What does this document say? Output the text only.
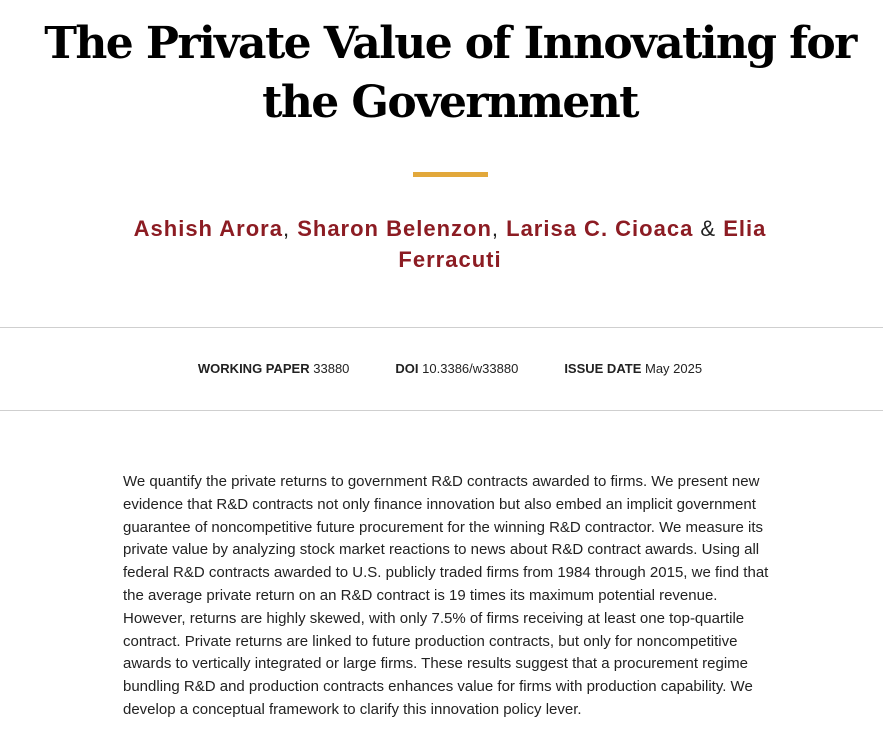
The Private Value of Innovating for the Government
Ashish Arora, Sharon Belenzon, Larisa C. Cioaca & Elia Ferracuti
WORKING PAPER 33880	DOI 10.3386/w33880	ISSUE DATE May 2025

We quantify the private returns to government R&D contracts awarded to firms. We present new evidence that R&D contracts not only finance innovation but also embed an implicit government guarantee of noncompetitive future procurement for the winning R&D contractor. We measure its private value by analyzing stock market reactions to news about R&D contract awards. Using all federal R&D contracts awarded to U.S. publicly traded firms from 1984 through 2015, we find that the average private return on an R&D contract is 19 times its maximum potential revenue. However, returns are highly skewed, with only 7.5% of firms receiving at least one top-quartile contract. Private returns are linked to future production contracts, but only for noncompetitive awards to vertically integrated or large firms. These results suggest that a procurement regime bundling R&D and production contracts enhances value for firms with production capability. We develop a conceptual framework to clarify this innovation policy lever.
